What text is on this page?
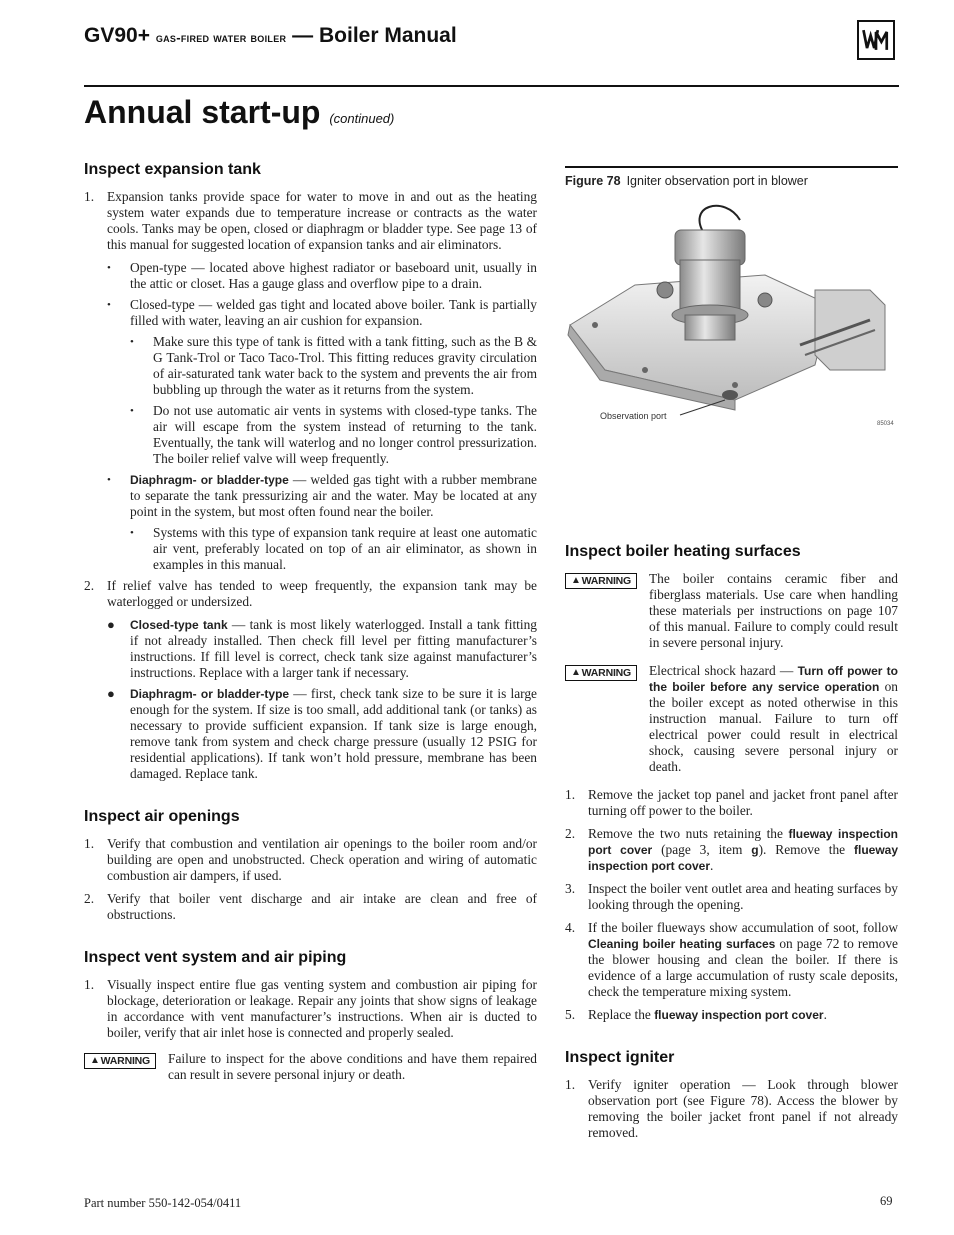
GV90+ gas-fired water boiler — Boiler Manual
Annual start-up (continued)
Inspect expansion tank
1. Expansion tanks provide space for water to move in and out as the heating system water expands due to temperature increase or contracts as the water cools. Tanks may be open, closed or diaphragm or bladder type. See page 13 of this manual for suggested location of expansion tanks and air eliminators.
•	Open-type — located above highest radiator or baseboard unit, usually in the attic or closet. Has a gauge glass and overflow pipe to a drain.
•	Closed-type — welded gas tight and located above boiler. Tank is partially filled with water, leaving an air cushion for expansion.
•	Make sure this type of tank is fitted with a tank fitting, such as the B & G Tank-Trol or Taco Taco-Trol. This fitting reduces gravity circulation of air-saturated tank water back to the system and prevents the air from bubbling up through the water as it returns from the system.
•	Do not use automatic air vents in systems with closed-type tanks. The air will escape from the system instead of returning to the tank. Eventually, the tank will waterlog and no longer control pressurization. The boiler relief valve will weep frequently.
•	Diaphragm- or bladder-type — welded gas tight with a rubber membrane to separate the tank pressurizing air and the water. May be located at any point in the system, but most often found near the boiler.
•	Systems with this type of expansion tank require at least one automatic air vent, preferably located on top of an air eliminator, as shown in examples in this manual.
2. If relief valve has tended to weep frequently, the expansion tank may be waterlogged or undersized.
●	Closed-type tank — tank is most likely waterlogged. Install a tank fitting if not already installed. Then check fill level per fitting manufacturer’s instructions. If fill level is correct, check tank size against manufacturer’s instructions. Replace with a larger tank if necessary.
●	Diaphragm- or bladder-type — first, check tank size to be sure it is large enough for the system. If size is too small, add additional tank (or tanks) as necessary to provide sufficient expansion. If tank size is large enough, remove tank from system and check charge pressure (usually 12 PSIG for residential applications). If tank won’t hold pressure, membrane has been damaged. Replace tank.
Inspect air openings
1. Verify that combustion and ventilation air openings to the boiler room and/or building are open and unobstructed. Check operation and wiring of automatic combustion air dampers, if used.
2. Verify that boiler vent discharge and air intake are clean and free of obstructions.
Inspect vent system and air piping
1. Visually inspect entire flue gas venting system and combustion air piping for blockage, deterioration or leakage. Repair any joints that show signs of leakage in accordance with vent manufacturer’s instructions. When air is ducted to boiler, verify that air inlet hose is connected and properly sealed.
▲ WARNING Failure to inspect for the above conditions and have them repaired can result in severe personal injury or death.
Figure 78 Igniter observation port in blower
Observation port
85034
Inspect boiler heating surfaces
▲ WARNING The boiler contains ceramic fiber and fiberglass materials. Use care when handling these materials per instructions on page 107 of this manual. Failure to comply could result in severe personal injury.
▲ WARNING Electrical shock hazard — Turn off power to the boiler before any service operation on the boiler except as noted otherwise in this instruction manual. Failure to turn off electrical power could result in electrical shock, causing severe personal injury or death.
1. Remove the jacket top panel and jacket front panel after turning off power to the boiler.
2. Remove the two nuts retaining the flueway inspection port cover (page 3, item g). Remove the flueway inspection port cover.
3. Inspect the boiler vent outlet area and heating surfaces by looking through the opening.
4. If the boiler flueways show accumulation of soot, follow Cleaning boiler heating surfaces on page 72 to remove the blower housing and clean the boiler. If there is evidence of a large accumulation of rusty scale deposits, check the temperature mixing system.
5. Replace the flueway inspection port cover.
Inspect igniter
1. Verify igniter operation — Look through blower observation port (see Figure 78). Access the blower by removing the boiler jacket front panel if not already removed.
Part number 550-142-054/0411	69
